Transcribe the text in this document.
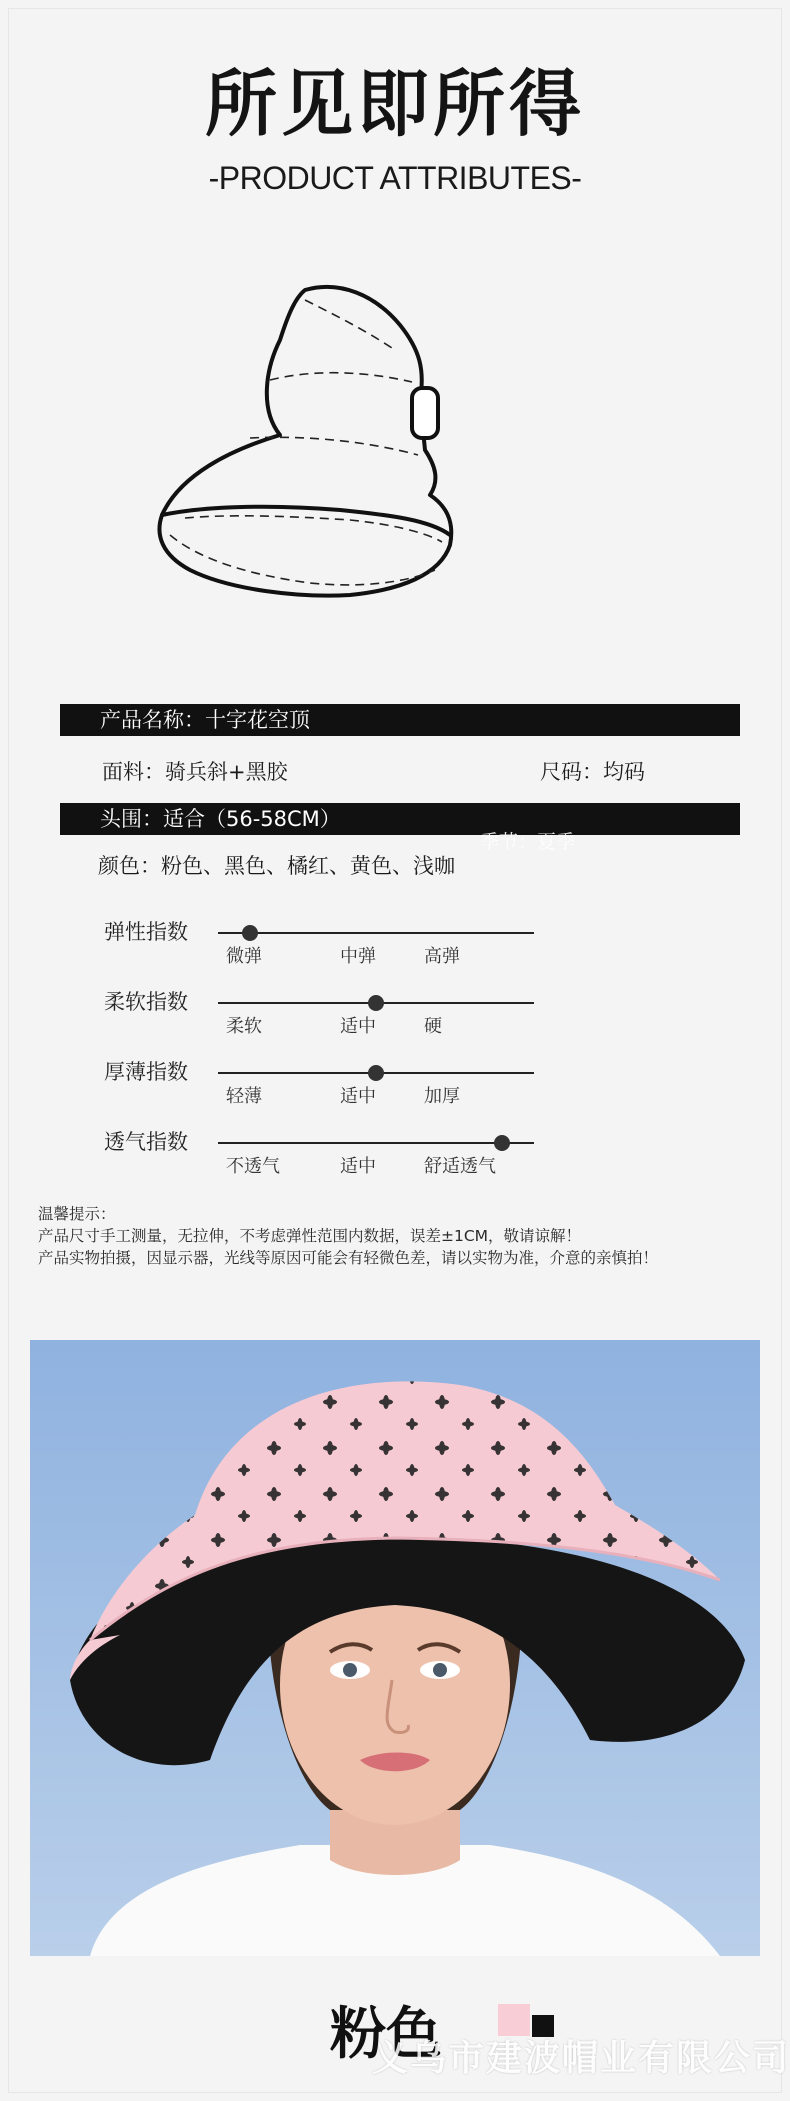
所见即所得
-PRODUCT ATTRIBUTES-
产品名称：十字花空顶
面料：骑兵斜+黑胶	尺码：均码
头围：适合（56-58CM）
颜色：粉色、黑色、橘红、黄色、浅咖
季节：夏季
弹性指数
微弹	中弹	高弹
柔软指数
柔软	适中	硬
厚薄指数
轻薄	适中	加厚
透气指数
不透气	适中	舒适透气
温馨提示：
产品尺寸手工测量，无拉伸，不考虑弹性范围内数据，误差±1CM，敬请谅解！
产品实物拍摄，因显示器，光线等原因可能会有轻微色差，请以实物为准，介意的亲慎拍！
粉色
义乌市建波帽业有限公司
